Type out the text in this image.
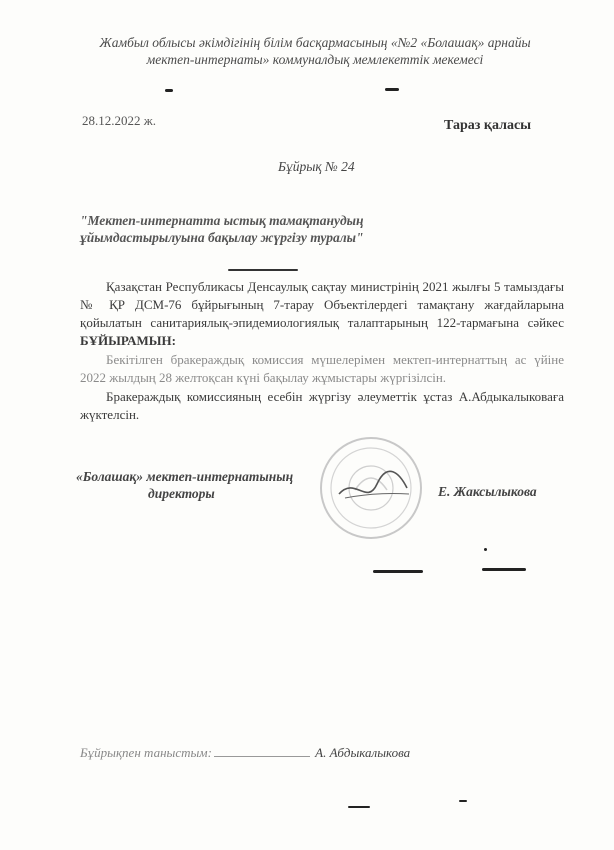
Жамбыл облысы әкімдігінің білім басқармасының «№2 «Болашақ» арнайы
мектеп-интернаты» коммуналдық мемлекеттік мекемесі
28.12.2022 ж.	Тараз қаласы
Бұйрық № 24
"Мектеп-интернатта ыстық тамақтанудың
ұйымдастырылуына бақылау жүргізу туралы"

Қазақстан Республикасы Денсаулық сақтау министрінің 2021 жылғы 5 тамыздағы № ҚР ДСМ-76 бұйрығының 7-тарау Объектілердегі тамақтану жағдайларына қойылатын санитариялық-эпидемиологиялық талаптарының 122-тармағына сәйкес БҰЙЫРАМЫН:

Бекітілген бракераждық комиссия мүшелерімен мектеп-интернаттың ас үйіне 2022 жылдың 28 желтоқсан күні бақылау жұмыстары жүргізілсін.

Бракераждық комиссияның есебін жүргізу әлеуметтік ұстаз А.Абдыкалыковаға жүктелсін.

«Болашақ» мектеп-интернатының
директоры	Е. Жаксылыкова
Бұйрықпен таныстым:	А. Абдыкалыкова
